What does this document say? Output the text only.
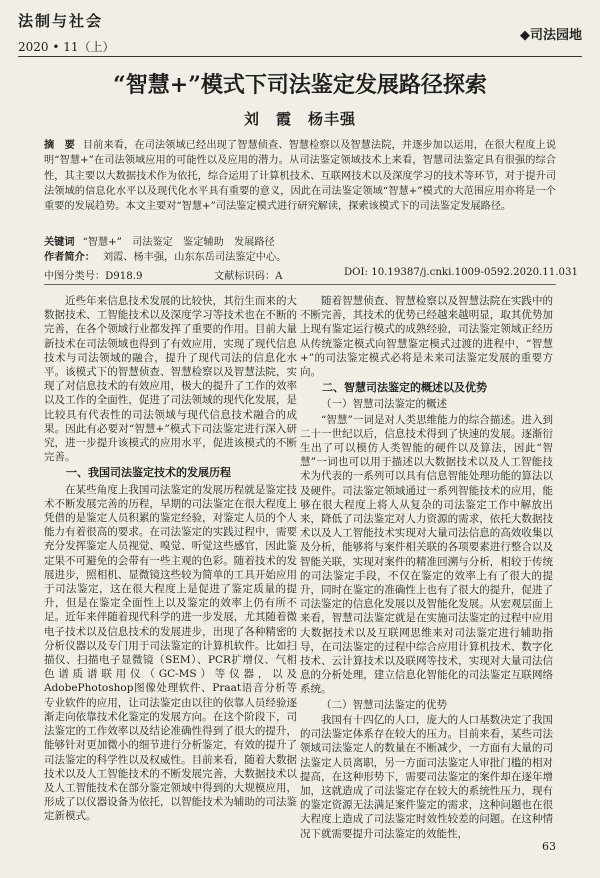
法制与社会
2020 • 11（上）
◆司法园地
“智慧+”模式下司法鉴定发展路径探索
刘　霞　杨丰强
摘　要 目前来看，在司法领域已经出现了智慧侦查、智慧检察以及智慧法院，并逐步加以运用，在很大程度上说明“智慧+”在司法领域应用的可能性以及应用的潜力。从司法鉴定领域技术上来看，智慧司法鉴定具有很强的综合性，其主要以大数据技术作为依托，综合运用了计算机技术、互联网技术以及深度学习的技术等环节，对于提升司法领域的信息化水平以及现代化水平具有重要的意义，因此在司法鉴定领域“智慧+”模式的大范围应用亦将是一个重要的发展趋势。本文主要对“智慧+”司法鉴定模式进行研究解读，探索该模式下的司法鉴定发展路径。
关键词 “智慧+”　司法鉴定　鉴定辅助　发展路径
作者简介： 刘霞、杨丰强，山东东岳司法鉴定中心。
中图分类号：D918.9	文献标识码：A	DOI: 10.19387/j.cnki.1009-0592.2020.11.031

近些年来信息技术发展的比较快，其衍生而来的大数据技术、工智能技术以及深度学习等技术也在不断的完善，在各个领域行业都发挥了重要的作用。目前大量新技术在司法领域也得到了有效应用，实现了现代信息技术与司法领域的融合，提升了现代司法的信息化水平。该模式下的智慧侦查、智慧检察以及智慧法院，实现了对信息技术的有效应用，极大的提升了工作的效率以及工作的全面性，促进了司法领域的现代化发展，是比较具有代表性的司法领域与现代信息技术融合的成果。因此有必要对“智慧+”模式下司法鉴定进行深入研究，进一步提升该模式的应用水平，促进该模式的不断完善。

一、我国司法鉴定技术的发展历程

在某些角度上我国司法鉴定的发展历程就是鉴定技术不断发展完善的历程，早期的司法鉴定在很大程度上凭借的是鉴定人员积累的鉴定经验，对鉴定人员的个人能力有着很高的要求。在司法鉴定的实践过程中，需要充分发挥鉴定人员视觉、嗅觉、听觉这些感官，因此鉴定果不可避免的会带有一些主观的色彩。随着技术的发展进步，照相机、显微镜这些较为简单的工具开始应用于司法鉴定，这在很大程度上是促进了鉴定质量的提升，但是在鉴定全面性上以及鉴定的效率上仍有所不足。近年来伴随着现代科学的进一步发展，尤其随着微电子技术以及信息技术的发展进步，出现了各种精密的分析仪器以及专门用于司法鉴定的计算机软件。比如扫描仪、扫描电子显微镜（SEM）、PCR扩增仪、气相色谱质谱联用仪（GC-MS）等仪器，以及AdobePhotoshop图像处理软件、Praat语音分析等专业软件的应用，让司法鉴定由以往的依靠人员经验逐渐走向依靠技术化鉴定的发展方向。在这个阶段下，司法鉴定的工作效率以及结论准确性得到了很大的提升，能够针对更加微小的细节进行分析鉴定，有效的提升了司法鉴定的科学性以及权威性。目前来看，随着大数据技术以及人工智能技术的不断发展完善，大数据技术以及人工智能技术在部分鉴定领域中得到的大规模应用，形成了以仪器设备为依托，以智能技术为辅助的司法鉴定新模式。

随着智慧侦查、智慧检察以及智慧法院在实践中的不断完善，其技术的优势已经越来越明显，取其优势加上现有鉴定运行模式的成熟经验，司法鉴定领域正经历从传统鉴定模式向智慧鉴定模式过渡的进程中，“智慧+”的司法鉴定模式必将是未来司法鉴定发展的重要方向。

二、智慧司法鉴定的概述以及优势
（一）智慧司法鉴定的概述

“智慧”一词是对人类思维能力的综合描述。进入到二十一世纪以后，信息技术得到了快速的发展。逐渐衍生出了可以模仿人类智能的硬件以及算法，因此“智慧”一词也可以用于描述以大数据技术以及人工智能技术为代表的一系列可以具有信息智能处理功能的算法以及硬件。司法鉴定领域通过一系列智能技术的应用，能够在很大程度上将人从复杂的司法鉴定工作中解放出来，降低了司法鉴定对人力资源的需求，依托大数据技术以及人工智能技术实现对大量司法信息的高效收集以及分析，能够将与案件相关联的各项要素进行整合以及智能关联，实现对案件的精准回溯与分析，相较于传统的司法鉴定手段，不仅在鉴定的效率上有了很大的提升，同时在鉴定的准确性上也有了很大的提升，促进了司法鉴定的信息化发展以及智能化发展。从宏观层面上来看，智慧司法鉴定就是在实施司法鉴定的过程中应用大数据技术以及互联网思维来对司法鉴定进行辅助指导，在司法鉴定的过程中综合应用计算机技术、数字化技术、云计算技术以及联网等技术，实现对大量司法信息的分析处理，建立信息化智能化的司法鉴定互联网络系统。

（二）智慧司法鉴定的优势

我国有十四亿的人口，庞大的人口基数决定了我国的司法鉴定体系存在较大的压力。目前来看，某些司法领域司法鉴定人的数量在不断减少，一方面有大量的司法鉴定人员离职，另一方面司法鉴定人审批门槛的相对提高，在这种形势下，需要司法鉴定的案件却在逐年增加，这就造成了司法鉴定存在较大的系统性压力，现有的鉴定资源无法满足案件鉴定的需求，这种问题也在很大程度上造成了司法鉴定时效性较差的问题。在这种情况下就需要提升司法鉴定的效能性，

63
